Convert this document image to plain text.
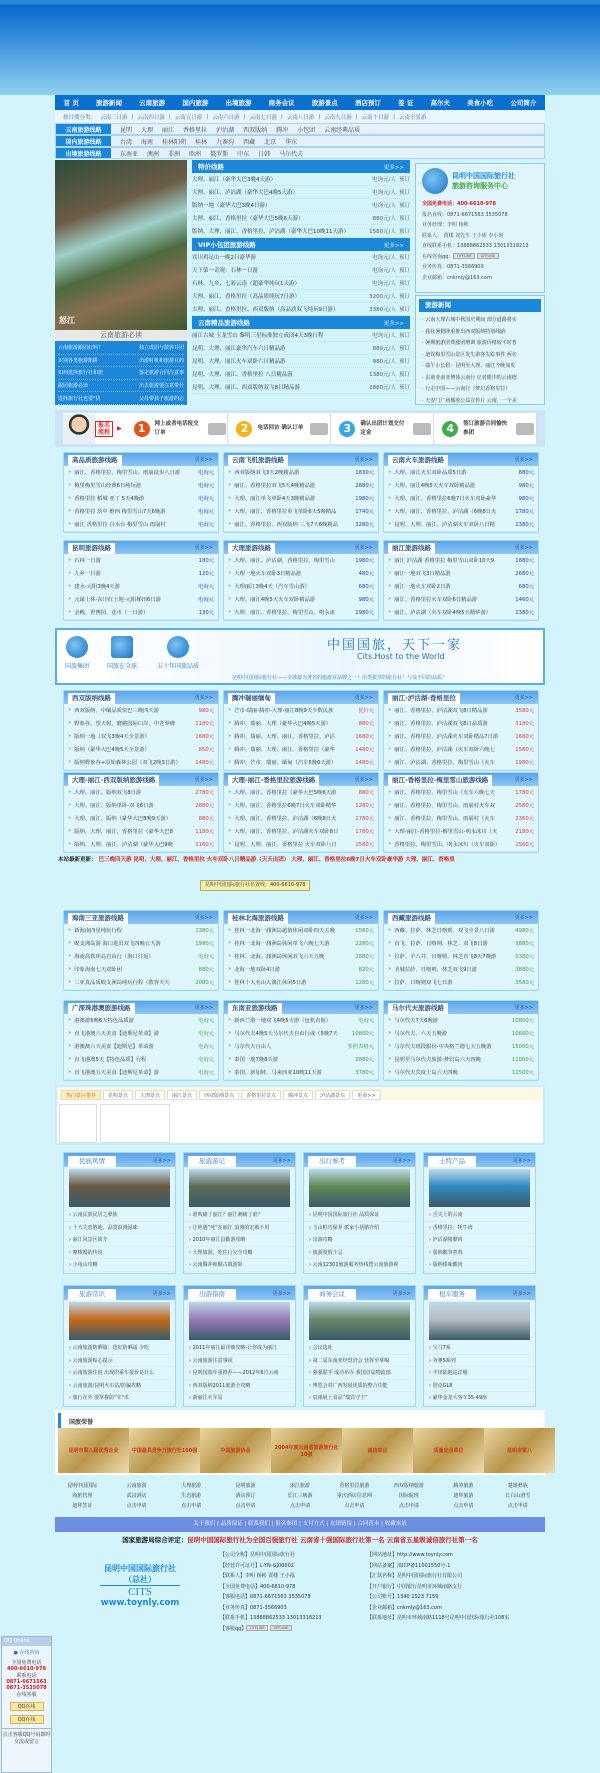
首 页	旅游新闻	云南旅游	国内旅游	出境旅游	商务会议	旅游景点	酒店预订	签 证	高尔夫	美食小吃	公司简介
按日期分类： 云南三日游 | 云南四日游 | 云南五日游 | 云南六日游 | 云南七日游 | 云南八日游 | 云南九日游 | 云南十日游 | 云南全景游
云南旅游线路	昆明 大理 丽江 香格里拉 泸沽湖 西双版纳 腾冲 小包团 云南经典品质
国内旅游线路	台湾 海南 桂林阳朔 桂林 九寨沟 西藏 北京 华东
出境旅游线路	东南亚 澳洲 非洲 欧洲 俄罗斯 中东 日韩 马尔代夫
昆明中国国际旅行社名置线：400-6610-978
怒江
云南旅游必读
云南旅游跟团好吗？	独立成团与散客并团
识别各类旅游陷阱	出游时机和旅游目的
如何选择旅行社和旅	鉴定旅游合同注意事
跟团旅游必读	出去旅游要注意带什
选择旅行社也要"货	父母带孩子旅游的必
特价线路	更多>>
大理、丽江（豪华大巴3晚4天游）	电询元/人 预订
大理、丽江、泸沽湖（豪华大巴4晚5天游）	电询元/人 预订
版纳一地（豪华大巴3晚4日游）	电询元/人 预订
大理、丽江、香格里拉（豪华大巴5晚6天游）	880元/人 预订
版纳、大理、丽江、香格里拉、泸沽湖（豪华大巴10晚11天游）	1580元/人 预订
VIP小包团旅游线路	更多>>
宾川鸡足山一晚2日豪华游	电询元/人 预订
天下第一奇观：石林一日游	电询元/人 预订
石林、九乡、七彩云南（超豪华纯玩1天游）	电询元/人 预订
大理、丽江、香格里拉（高品质纯玩7日游）	3200元/人 预订
大理、丽江、香格里拉、西双版纳（高品质双飞纯玩9日游）	3380元/人 预订
云南精品旅游线路	更多>>
丽江古城 玉龙雪山 黎明三星标准独立成团4天3晚行程	电询元/人 预订
昆明、大理、丽江豪华汽车六日精品游	880元/人 预订
昆明、大理、丽江火车双卧六日精品游	980元/人 预订
昆明、大理、丽江、香格里拉 八日精品游	1380元/人 预订
昆明、大理、丽江、西双版纳双飞8日精品游	2880元/人 预订
昆明中国国际旅行社
旅游咨询服务中心

全国免费电话：400-6610-978

报名直线：0871-6671563 3535078

业务经理：李明 杨彬

联系人： 贾楼 刘先生 王小姐 李小姐

直线联系手机：13888862533 13013318213

在线咨询qq： OFFLINE	OFFLINE

业务传真：0871-3566903

企业邮箱：cnkmly@163.com

旅游新闻
· 云南大理古城中秋国庆期间 部分道路将实
· 我社暑假隆重推出西双版纳特别线路
· 暑期旅游团费涨团增调 旅游价格较平时普
· 迪钦梅里雪山景区发生游客失踪事件 两名
· 端午小长假：昆明至大理、丽江今晚加发
· 东南亚南亚博体云南行 记者眼中的云南德
· 行走中国——云南行《梦幻香格里拉》
· 天安门广场播放公益宣传片 云南，一个美
报名流程	▶	1	网上或者电话报交订单	2	电话回访 确认订单	3	确认出团计划交付定金	4	签订旅游合同愉快参团
国旅集团	国旅在全球	五十年国旅品质
中国国旅，天下一家
Cits.Host to the World
昆明中国国际旅行社——全球最为著名的旅游业品牌之一！出类拔萃的旅行社！与众不同的品质！
本站最新更新： 巴三晚四天游 昆明、大理、丽江、香格里拉 火车双卧八日精品游（天天出团） 大理、丽江、香格里拉6晚7日火车双卧豪华游 大理、丽江、香格里
热门景区推荐	昆明景点	大理景点	丽江景点	西双版纳景点	香格里拉景点	腾冲景点	泸沽湖景点	更多>>
国旅荣誉
昆明市第八届优秀企业	中国最具竞争力旅行社100强	中国旅游协会
2004年度云南省旅游旅行社10强
诚信单位	质量定点单位	昆明市第八
昆明中国国际	云南旅游	大理旅游	昆明旅游	丽江旅游	香格里拉旅游	西双版纳旅游	腾冲旅游	楚雄彝族
商旅管理	武汉酒店	生态旅游	酒店预订	长江三峡游	重庆酒店信息网	国际航班	迪拜旅游	长白山滑雪
迪拜签证	点击申请	点击申请	点击申请	点击申请	点击申请	点击申请	点击申请	点击申请
关于我们 | 品质保证 | 联系我们 | 报名参团 | 支付方式 | 友情链接 | 合同范本 | 收藏本站
国家旅游局综合评定：昆明中国国际旅行社为全国百强旅行社 云南省十强国际旅行社第一名 云南省五星级诚信旅行社第一名
昆明中国国际旅行社
（总社）
CITS
www.toynly.com
【公司全称】昆明中国国际旅行社
【经营许可证号】L-YN-GJ00002
【联系人】李明 杨彬 贾楼 王小福
【全国免费电话】400-6610-978
【客服电话】0871-6671563 3535078
【业务传真】0871-3566903
【联系手机】13888862533 13013318213
【客服qq】 OFFLINE	OFFLINE
【网站地址】http://www.toynly.com
【网站备案】滇ICP备11001550号-1
【汇款名称】昆明中国国际旅行社有限公司
【开户银行】中国银行昆明市环城南路支行
【公司账号】1340 1523 7159
【企业邮箱】cnkmly@163.com
【联系地址】昆明市环城南路1118号昆明中国国际旅行社108室
QQ Online
● 在线咨询
全国免费电话
400-6610-978
联系电话
0871-6671563
0871-3535078
在线客服
QQ在线
QQ在线
点击客服QQ号码即时交流或留言
高品质旅游线路	更多>>
» 丽江、香格里拉、梅里雪山、雨崩徒步八日游	电询元
» 梅里梅里雪山经典6日纯玩游	电询元
» 香格里拉 稻城 亚丁 5天4晚游	电询元
» 香格里拉 茨中 维西 梅里雪山7天6晚游	电询元
» 丽江 香格里拉 白水台 梅里雪山 雨崩村	电询元
云南飞机旅游线路	更多>>
» 西双版纳双飞3天2晚精品游	1830元
» 丽江、香格里拉双飞5天4晚精品游	2880元
» 大理、丽江单飞单卧4天3晚精品游	1980元
» 大理、丽江、香格里拉单飞单卧6天5晚精品	1740元
» 丽江、香格里拉、西双版纳 三飞7天6晚精品	3280元
云南火车旅游线路	更多>>
» 大理、丽江火车双卧品质5日游	880元
» 大理、丽江4晚5天火车双卧精品游	980元
» 大理、丽江、香格里拉6晚7日火车双卧豪华	980元
» 大理、丽江、香格里拉、泸沽湖（6晚8日火	1780元
» 昆明、大理、丽江、泸沽湖火车双卧八日精	1380元
昆明旅游线路	更多>>
» 石林一日游	180元
» 九乡一日游	120元
» 建水-元阳3晚4天游	电询元
» 元谋土林-东川红土地-元阳梯田6日游	电询元
» 金殿、世博园、花市（一日游）	130元
大理旅游线路	更多>>
» 大理、丽江、泸沽湖、香格里拉、梅里雪山	1980元
» 大理一地火车双卧3日精品游	480元
» 大理丽江3晚4天（汽车雪山游）	680元
» 大理、丽江4晚5天火车双卧精品游	980元
» 大理、丽江、香格里拉、梅里雪山、明永冰	1980元
丽江旅游线路	更多>>
» 丽江 泸沽湖 香格里拉 梅里雪山双卧10天9	1880元
» 丽江一地双飞3日精品游	2680元
» 丽江一地火车双卧2日游	680元
» 丽江、香格里拉火车双卧6日精品游	1460元
» 丽江、泸沽湖（火车双卧4晚5天精华游）	1380元
西双版纳线路	更多>>
» 西双版纳、中缅品质快巴三晚四天游	980元
» 野象谷、望天树、磨憨国际口岸，中老界碑	1180元
» 版纳一地（双飞3晚4天全景游）	1680元
» 版纳（豪华大巴4晚5天全景游）	850元
» 版纳野象谷+原始森林公园（双飞2晚3日游）	1480元
腾冲瑞丽缅甸	更多>>
» 芒市-瑞丽-腾冲-大理-丽江8晚9天少数民族	优价元
» 腾冲、瑞丽、大理（豪华大巴4晚5天游）	880元
» 腾冲、瑞丽、大理、丽江、香格里拉、泸沽	1680元
» 腾冲、瑞丽、大理、丽江、香格里拉（豪华	1480元
» 腾冲、芒市、瑞丽、缅甸（汽车5晚6天游）	1480元
丽江-泸沽湖-香格里拉	更多>>
» 丽江、香格里拉、泸沽湖双飞8日精品游	3580元
» 丽江、香格里拉、泸沽湖双飞8日品质游	3180元
» 丽江、香格里拉、泸沽湖火车双卧精品7日游	1680元
» 丽江、香格里拉、泸沽湖（火车双卧六晚七	1580元
» 丽江、泸沽湖、香格里拉、梅里雪山（火车	1980元
大理-丽江-西双版纳旅游线路	更多>>
» 大理、丽江、版纳双飞8日游	2780元
» 大理、丽江、版纳单卧-双飞6日游	2880元
» 大理、丽江、版纳（豪华大巴8晚9天游）	880元
» 版纳、大理、丽江、香格里拉（豪华大巴8	1180元
» 版纳、大理、丽江、泸沽湖（豪华大巴9晚	1160元
大理-丽江-香格里拉旅游线路	更多>>
» 大理、丽江、香格里拉（豪华大巴5晚6天游	880元
» 大理、丽江、香格里拉6晚7日火车双卧精华	1280元
» 大理、丽江、香格里拉、泸沽湖（6晚8日火	1780元
» 大理、丽江、香格里拉、泸沽湖火车双卧8日	1780元
» 昆明、大理、丽江、香格里拉 火车双卧八日	1580元
丽江-香格里拉-梅里雪山旅游线路	更多>>
» 丽江、香格里拉、梅里雪山（火车六晚七天	1780元
» 丽江、香格里拉、梅里雪山、雨崩村火车双	2580元
» 丽江、香格里拉、梅里雪山、雨崩村（火车	2360元
» 大理-丽江-香格里拉-梅里雪山-明永冰川（火	2180元
» 香格里拉、梅里雪山、明永冰川（火车双卧）	1560元
海南三亚旅游线路	更多>>
» 新海南四星纯玩行程	1380元
» 蜈支洲岛游 海口进出双飞四晚五天游	1990元
» 海南高铁环岛自由行（海口往返）	电询元
» 印象海南七天双卧团	880元
» 三亚真品质蜈支洲岛纯玩行程（散客天天	2080元
桂林北海旅游线路	更多>>
» 桂林一北海一涠洲岛超值休闲双卧四天五晚	1580元
» 桂林一北海一涠洲岛休闲单飞六晚七天游	2280元
» 桂林、北海、涠洲岛休闲双飞六天五晚	2880元
» 北海一地双卧4日游	820元
» 桂林十大名山大漓江休闲5日游	1280元
西藏旅游线路	更多>>
» 西藏、拉萨、林芝日喀则、双飞全景八日游	4980元
» 直飞、拉萨、日喀则、林芝、双飞8日游	3880元
» 拉萨、羊八井、日喀则、林芝直飞8天7晚游	5380元
» 圣城拉萨、日喀则、林芝双飞9日游	3880元
» 拉萨、日喀则双飞七日游	3580元
广深珠港澳旅游线路	更多>>
» 港澳游5晚6天特色品质游	电询元
» 直飞港澳六天美食【迪斯尼革命】游	电询元
» 港澳澳六天美食【迪斯尼】革命游	电询元
» 直飞港澳5天【特色品质】行程	电询元
» 直飞港澳五天美食【迪斯尼革命】游	电询元
东南亚旅游线路	更多>>
» 新西兰港一地双飞4晚5天游（包机直航）	电询元
» 马尔代夫4晚5天马尔代夫自由行或（5晚7天	10800元
» 马尔代夫自由人	参照表格元
» 泰国一地7晚8天游	2880元
» 泰国、新加坡、马来西亚10晚11天游	3780元
马尔代夫旅游线路	更多>>
» 马尔代夫7天6晚游	10800元
» 马尔代夫、六天五晚游	10600元
» 马尔代夫班段服份-中央格兰德七天五晚游	15000元
» 昆明至马尔代夫旅游-梦幻岛六天四晚	11000元
» 马尔代夫宾度士岛六天四晚	11500元
民族风情	更多>>
› 云南民族民居之彝族
› 十大失恋胜地，品赏浪漫滋味
› 丽江风景区简介
› 摩梭婚的传说
› 小龟山攻略
旅游游记	更多>>
› 谁吹痛了丽江？丽江刺痛了谁？
› 让艳遇“死”在丽江 浪漫的宏被不用
› 2010年丽江县勤游攻略
› 大理旅游，吃住行完全攻略
› 云南腾冲和顺古镇游影
出行参考	更多>>
› 昆明中国国际旅行社 品质保证
› 玉山桩巧保养 派家小括骼介绍
› 出游攻略
› 旅游度假十忌
› 云南12301旅游服务热线暨云南旅游视
土特产品	更多>>
› 舌尖上的云南
› 香格里拉：牦牛肉
› 泸沽湖猪膘肉
› 版纳酸笋煮鸡
› 版纳傣味酸肉
旅游常识	更多>>
› 云南旅游防晒篇：选好防晒霜 少吃
› 云南旅游贴心提示
› 云南旅游住宿 出现的乘车报价是什么
› 云南旅游/昆明火车站/防骗攻略
› 旅行在外 要掌握防"宰"术
出游指南	更多>>
› 2011年丽江最详细攻略-让你成为丽江
› 云南旅游注意事项
› 昆明国旅年重推荐——2012年6月云南
› 西双版纳2011旅游全攻略
› 新丽江火车站
商务会议	更多>>
› 会议选址
› 第二届东南亚经贸洽会 营挥至掌喝
› 强强联手 成功举办 我国首届物流部
› 博览会对广西发展优质的整合功能
› 辰康展上食品“瑞宾守王”
租车服务	更多>>
› 宝马7系
› 奔驰S系列
› 丰田陆地巡洋舰
› 别克GL8
› 豪华金龙大客车35-49座
